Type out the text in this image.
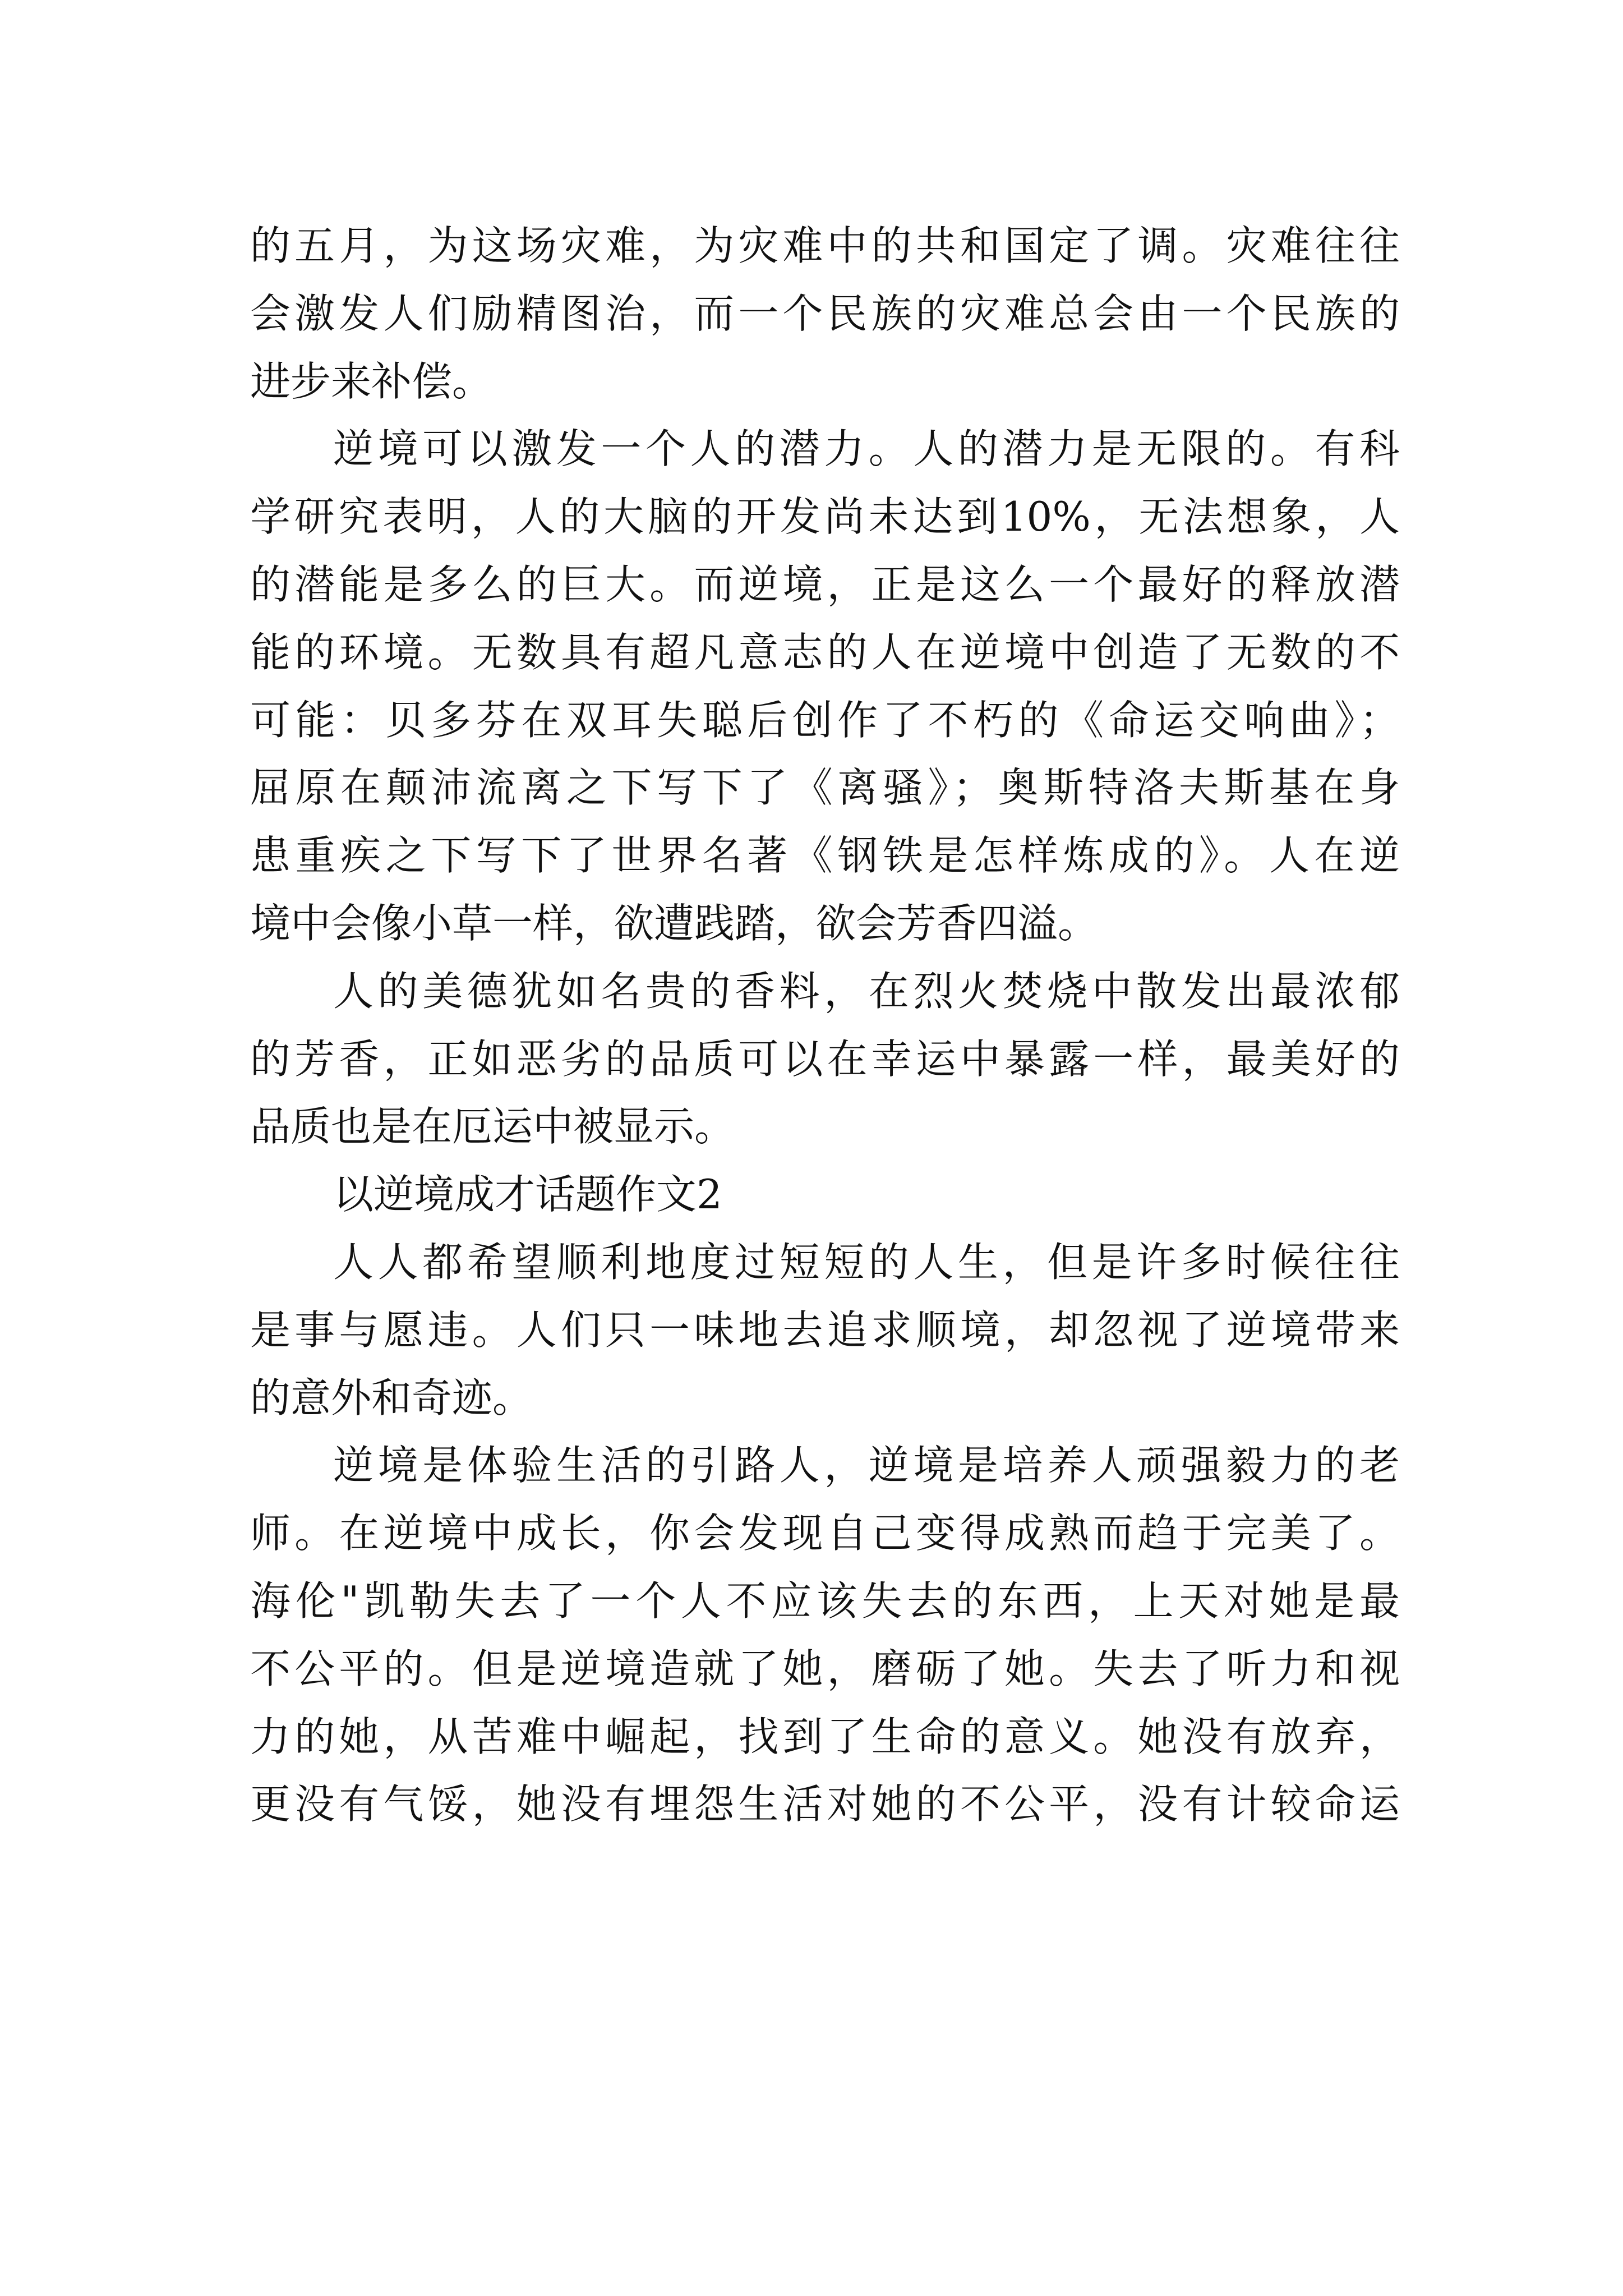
的五月，为这场灾难，为灾难中的共和国定了调。灾难往往
会激发人们励精图治，而一个民族的灾难总会由一个民族的
进步来补偿。
逆境可以激发一个人的潜力。人的潜力是无限的。有科
学研究表明，人的大脑的开发尚未达到10%，无法想象，人
的潜能是多么的巨大。而逆境，正是这么一个最好的释放潜
能的环境。无数具有超凡意志的人在逆境中创造了无数的不
可能：贝多芬在双耳失聪后创作了不朽的《命运交响曲》；
屈原在颠沛流离之下写下了《离骚》；奥斯特洛夫斯基在身
患重疾之下写下了世界名著《钢铁是怎样炼成的》。人在逆
境中会像小草一样，欲遭践踏，欲会芳香四溢。
人的美德犹如名贵的香料，在烈火焚烧中散发出最浓郁
的芳香，正如恶劣的品质可以在幸运中暴露一样，最美好的
品质也是在厄运中被显示。
以逆境成才话题作文2
人人都希望顺利地度过短短的人生，但是许多时候往往
是事与愿违。人们只一味地去追求顺境，却忽视了逆境带来
的意外和奇迹。
逆境是体验生活的引路人，逆境是培养人顽强毅力的老
师。在逆境中成长，你会发现自己变得成熟而趋于完美了。
海伦"凯勒失去了一个人不应该失去的东西，上天对她是最
不公平的。但是逆境造就了她，磨砺了她。失去了听力和视
力的她，从苦难中崛起，找到了生命的意义。她没有放弃，
更没有气馁，她没有埋怨生活对她的不公平，没有计较命运
